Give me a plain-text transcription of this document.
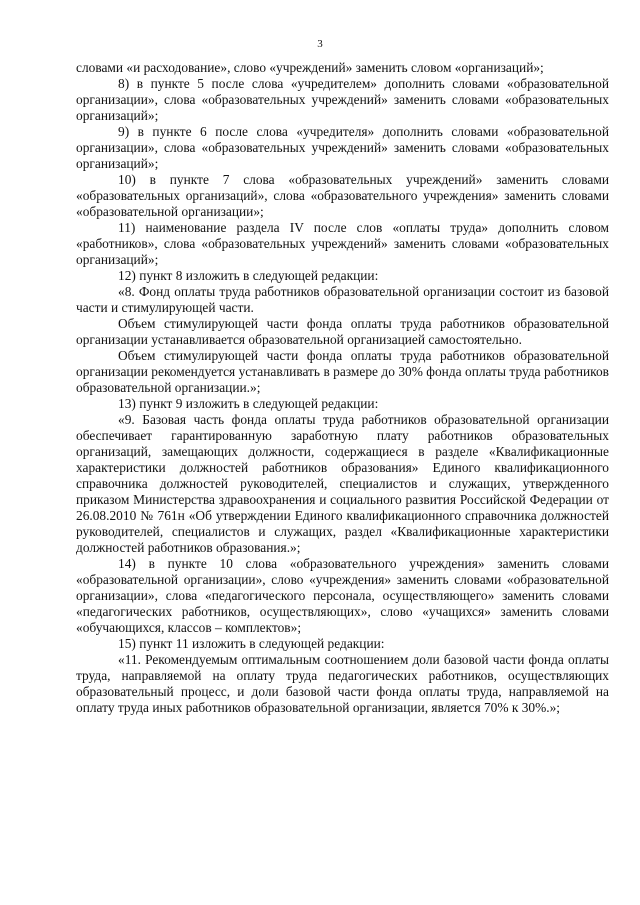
3

словами «и расходование», слово «учреждений» заменить словом «организаций»;

8) в пункте 5 после слова «учредителем» дополнить словами «образовательной организации», слова «образовательных учреждений» заменить словами «образовательных организаций»;

9) в пункте 6 после слова «учредителя» дополнить словами «образовательной организации», слова «образовательных учреждений» заменить словами «образовательных организаций»;

10) в пункте 7 слова «образовательных учреждений» заменить словами «образовательных организаций», слова «образовательного учреждения» заменить словами «образовательной организации»;

11) наименование раздела IV после слов «оплаты труда» дополнить словом «работников», слова «образовательных учреждений» заменить словами «образовательных организаций»;

12) пункт 8 изложить в следующей редакции:

«8. Фонд оплаты труда работников образовательной организации состоит из базовой части и стимулирующей части.

Объем стимулирующей части фонда оплаты труда работников образовательной организации устанавливается образовательной организацией самостоятельно.

Объем стимулирующей части фонда оплаты труда работников образовательной организации рекомендуется устанавливать в размере до 30% фонда оплаты труда работников образовательной организации.»;

13) пункт 9 изложить в следующей редакции:

«9. Базовая часть фонда оплаты труда работников образовательной организации обеспечивает гарантированную заработную плату работников образовательных организаций, замещающих должности, содержащиеся в разделе «Квалификационные характеристики должностей работников образования» Единого квалификационного справочника должностей руководителей, специалистов и служащих, утвержденного приказом Министерства здравоохранения и социального развития Российской Федерации от 26.08.2010 № 761н «Об утверждении Единого квалификационного справочника должностей руководителей, специалистов и служащих, раздел «Квалификационные характеристики должностей работников образования.»;

14) в пункте 10 слова «образовательного учреждения» заменить словами «образовательной организации», слово «учреждения» заменить словами «образовательной организации», слова «педагогического персонала, осуществляющего» заменить словами «педагогических работников, осуществляющих», слово «учащихся» заменить словами «обучающихся, классов – комплектов»;

15) пункт 11 изложить в следующей редакции:

«11. Рекомендуемым оптимальным соотношением доли базовой части фонда оплаты труда, направляемой на оплату труда педагогических работников, осуществляющих образовательный процесс, и доли базовой части фонда оплаты труда, направляемой на оплату труда иных работников образовательной организации, является 70% к 30%.»;
